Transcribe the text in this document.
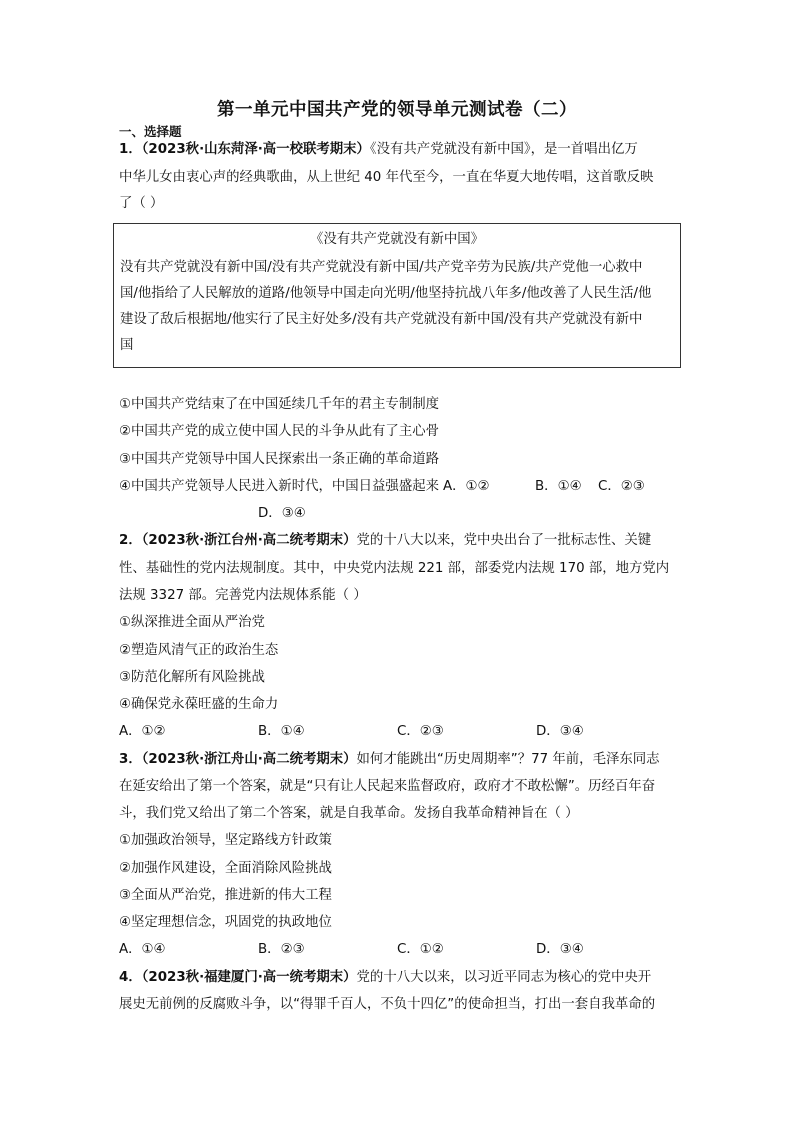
第一单元中国共产党的领导单元测试卷（二）
一、选择题
1．（2023秋·山东菏泽·高一校联考期末）《没有共产党就没有新中国》，是一首唱出亿万
中华儿女由衷心声的经典歌曲，从上世纪 40 年代至今，一直在华夏大地传唱，这首歌反映
了（ ）
《没有共产党就没有新中国》
没有共产党就没有新中国/没有共产党就没有新中国/共产党辛劳为民族/共产党他一心救中
国/他指给了人民解放的道路/他领导中国走向光明/他坚持抗战八年多/他改善了人民生活/他
建设了敌后根据地/他实行了民主好处多/没有共产党就没有新中国/没有共产党就没有新中
国
①中国共产党结束了在中国延续几千年的君主专制制度
②中国共产党的成立使中国人民的斗争从此有了主心骨
③中国共产党领导中国人民探索出一条正确的革命道路
④中国共产党领导人民进入新时代，中国日益强盛起来 A．①②	B．①④ C．②③
D．③④
2．（2023秋·浙江台州·高二统考期末）党的十八大以来，党中央出台了一批标志性、关键
性、基础性的党内法规制度。其中，中央党内法规 221 部，部委党内法规 170 部，地方党内
法规 3327 部。完善党内法规体系能（ ）
①纵深推进全面从严治党
②塑造风清气正的政治生态
③防范化解所有风险挑战
④确保党永葆旺盛的生命力
A．①②	B．①④	C．②③	D．③④
3．（2023秋·浙江舟山·高二统考期末）如何才能跳出“历史周期率”？77 年前，毛泽东同志
在延安给出了第一个答案，就是“只有让人民起来监督政府，政府才不敢松懈”。历经百年奋
斗，我们党又给出了第二个答案，就是自我革命。发扬自我革命精神旨在（ ）
①加强政治领导，坚定路线方针政策
②加强作风建设，全面消除风险挑战
③全面从严治党，推进新的伟大工程
④坚定理想信念，巩固党的执政地位
A．①④	B．②③	C．①②	D．③④
4．（2023秋·福建厦门·高一统考期末）党的十八大以来，以习近平同志为核心的党中央开
展史无前例的反腐败斗争，以“得罪千百人，不负十四亿”的使命担当，打出一套自我革命的
